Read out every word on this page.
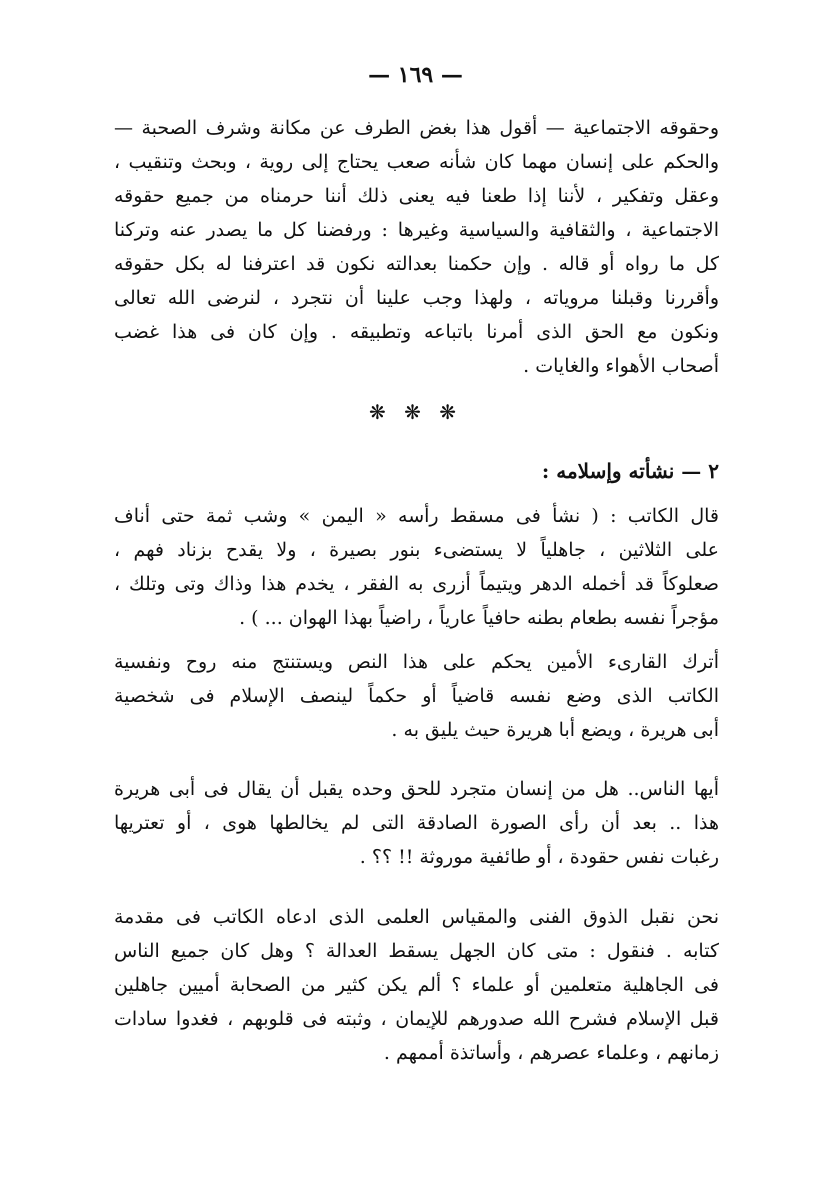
— ١٦٩ —
وحقوقه الاجتماعية — أقول هذا بغض الطرف عن مكانة وشرف الصحبة —
والحكم على إنسان مهما كان شأنه صعب يحتاج إلى روية ، وبحث وتنقيب ،
وعقل وتفكير ، لأننا إذا طعنا فيه يعنى ذلك أننا حرمناه من جميع حقوقه
الاجتماعية ، والثقافية والسياسية وغيرها : ورفضنا كل ما يصدر عنه وتركنا
كل ما رواه أو قاله . وإن حكمنا بعدالته نكون قد اعترفنا له بكل حقوقه
وأقررنا وقبلنا مروياته ، ولهذا وجب علينا أن نتجرد ، لنرضى الله تعالى
ونكون مع الحق الذى أمرنا باتباعه وتطبيقه . وإن كان فى هذا غضب
أصحاب الأهواء والغايات .
❋ ❋ ❋
٢ — نشأته وإسلامه :
قال الكاتب : ( نشأ فى مسقط رأسه « اليمن » وشب ثمة حتى أناف
على الثلاثين ، جاهلياً لا يستضىء بنور بصيرة ، ولا يقدح بزناد فهم ،
صعلوكاً قد أخمله الدهر ويتيماً أزرى به الفقر ، يخدم هذا وذاك وتى وتلك ،
مؤجراً نفسه بطعام بطنه حافياً عارياً ، راضياً بهذا الهوان ... ) .
أترك القارىء الأمين يحكم على هذا النص ويستنتج منه روح ونفسية
الكاتب الذى وضع نفسه قاضياً أو حكماً لينصف الإسلام فى شخصية
أبى هريرة ، ويضع أبا هريرة حيث يليق به .
أيها الناس.. هل من إنسان متجرد للحق وحده يقبل أن يقال فى أبى هريرة
هذا .. بعد أن رأى الصورة الصادقة التى لم يخالطها هوى ، أو تعتريها
رغبات نفس حقودة ، أو طائفية موروثة !! ؟؟ .
نحن نقبل الذوق الفنى والمقياس العلمى الذى ادعاه الكاتب فى مقدمة
كتابه . فنقول : متى كان الجهل يسقط العدالة ؟ وهل كان جميع الناس
فى الجاهلية متعلمين أو علماء ؟ ألم يكن كثير من الصحابة أميين جاهلين
قبل الإسلام فشرح الله صدورهم للإيمان ، وثبته فى قلوبهم ، فغدوا سادات
زمانهم ، وعلماء عصرهم ، وأساتذة أممهم .
